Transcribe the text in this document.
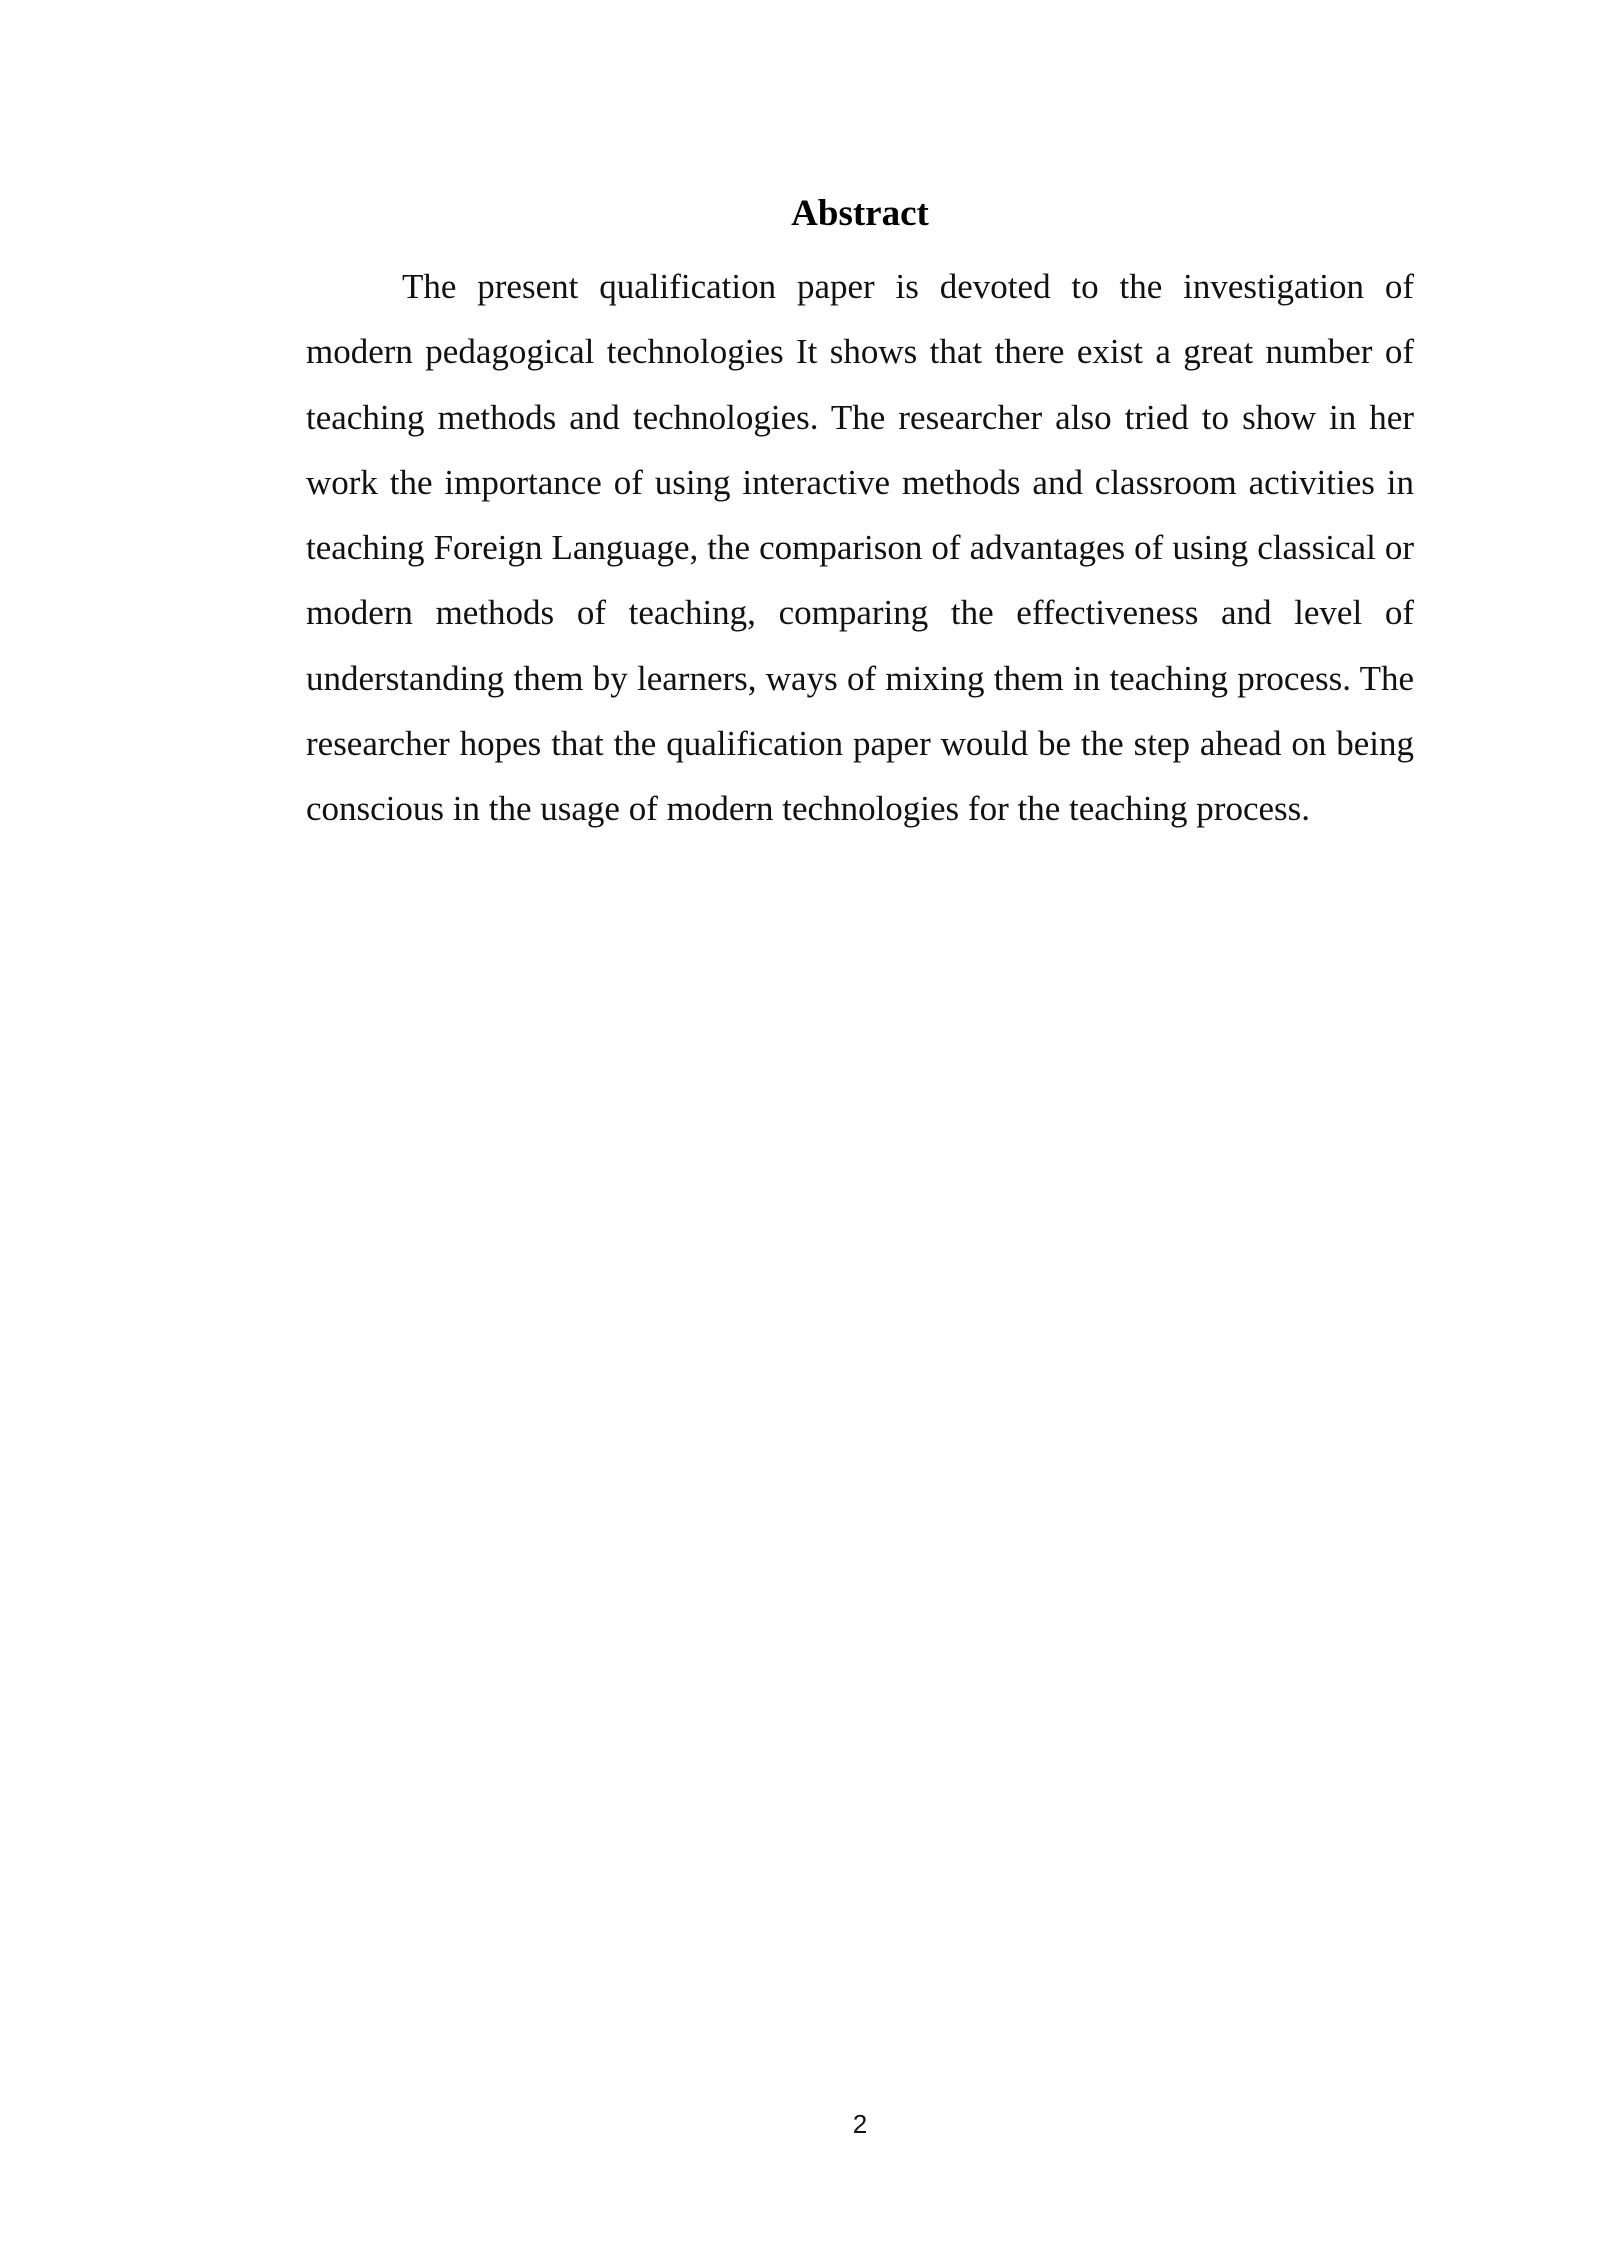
Abstract

The present qualification paper is devoted to the investigation of modern pedagogical technologies It shows that there exist a great number of teaching methods and technologies. The researcher also tried to show in her work the importance of using interactive methods and classroom activities in teaching Foreign Language, the comparison of advantages of using classical or modern methods of teaching, comparing the effectiveness and level of understanding them by learners, ways of mixing them in teaching process. The researcher hopes that the qualification paper would be the step ahead on being conscious in the usage of modern technologies for the teaching process.

2
